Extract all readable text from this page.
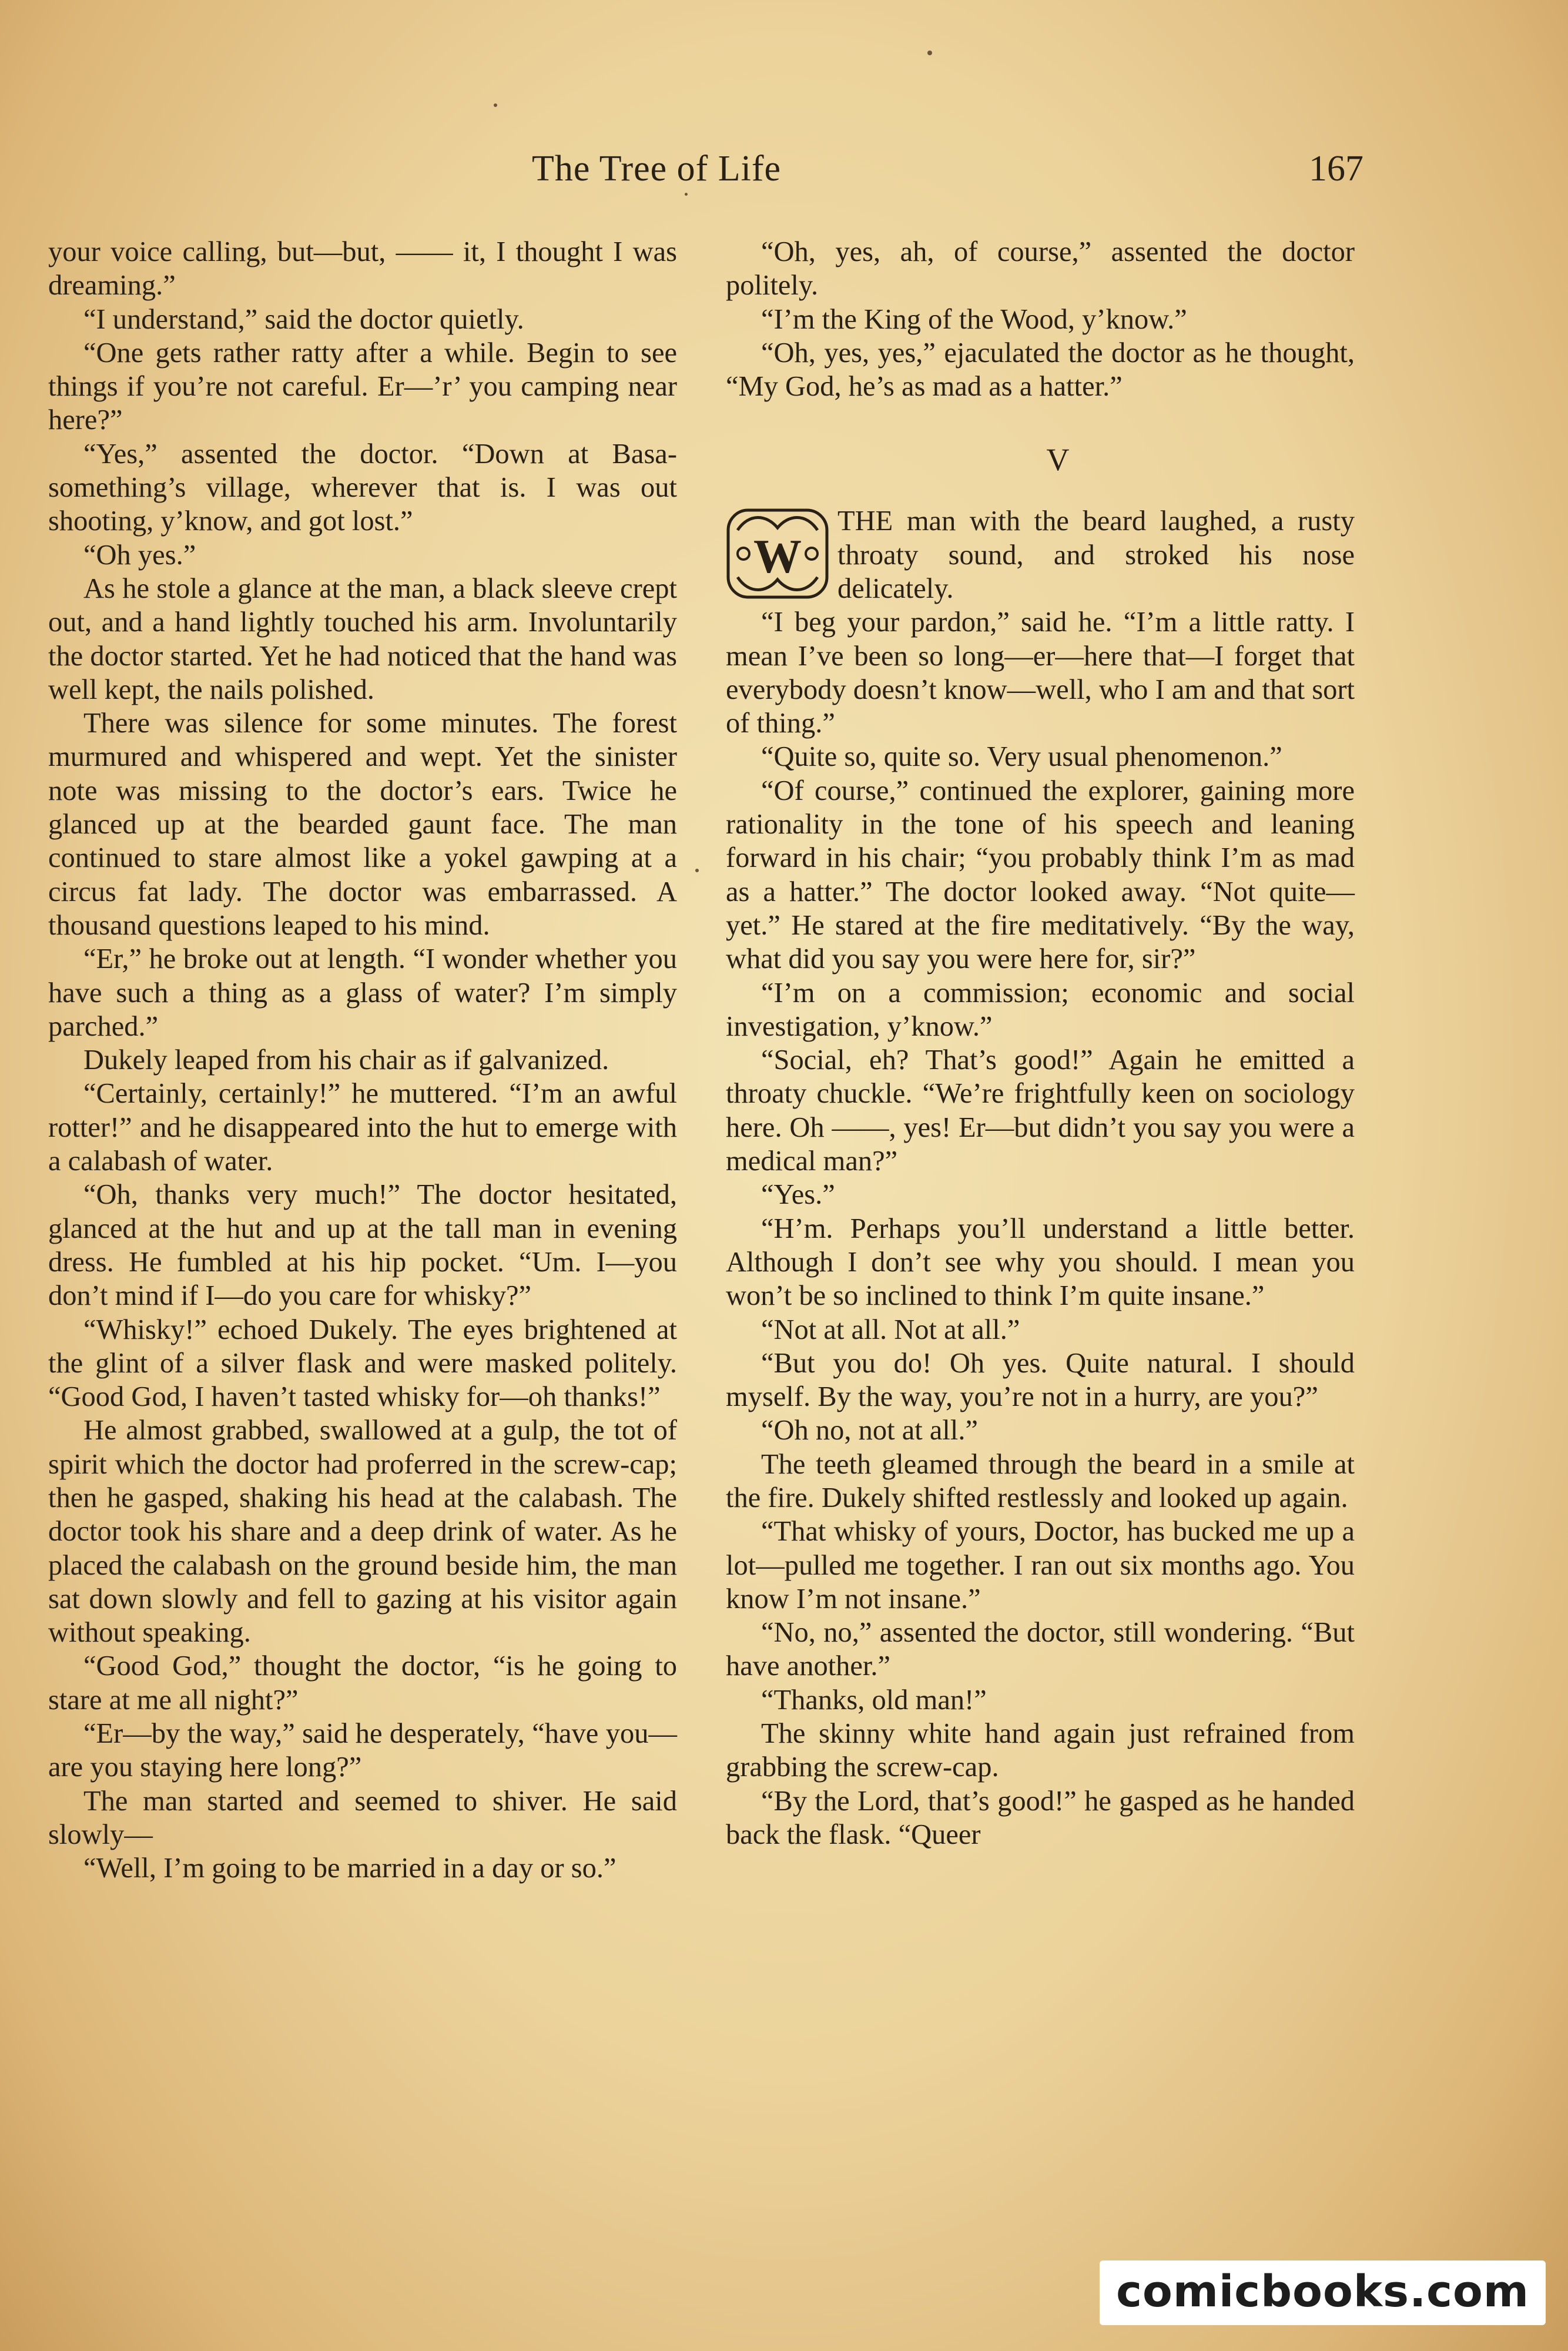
The Tree of Life	167

your voice calling, but—but, —— it, I thought I was dreaming.”

“I understand,” said the doctor quietly.

“One gets rather ratty after a while. Begin to see things if you’re not careful. Er—’r’ you camping near here?”

“Yes,” assented the doctor. “Down at Basa-something’s village, wherever that is. I was out shooting, y’know, and got lost.”

“Oh yes.”

As he stole a glance at the man, a black sleeve crept out, and a hand lightly touched his arm. Involuntarily the doctor started. Yet he had noticed that the hand was well kept, the nails polished.

There was silence for some minutes. The forest murmured and whispered and wept. Yet the sinister note was missing to the doctor’s ears. Twice he glanced up at the bearded gaunt face. The man continued to stare almost like a yokel gawping at a circus fat lady. The doctor was embarrassed. A thousand questions leaped to his mind.

“Er,” he broke out at length. “I wonder whether you have such a thing as a glass of water? I’m simply parched.”

Dukely leaped from his chair as if galvanized.

“Certainly, certainly!” he muttered. “I’m an awful rotter!” and he disappeared into the hut to emerge with a calabash of water.

“Oh, thanks very much!” The doctor hesitated, glanced at the hut and up at the tall man in evening dress. He fumbled at his hip pocket. “Um. I—you don’t mind if I—do you care for whisky?”

“Whisky!” echoed Dukely. The eyes brightened at the glint of a silver flask and were masked politely. “Good God, I haven’t tasted whisky for—oh thanks!”

He almost grabbed, swallowed at a gulp, the tot of spirit which the doctor had proferred in the screw-cap; then he gasped, shaking his head at the calabash. The doctor took his share and a deep drink of water. As he placed the calabash on the ground beside him, the man sat down slowly and fell to gazing at his visitor again without speaking.

“Good God,” thought the doctor, “is he going to stare at me all night?”

“Er—by the way,” said he desperately, “have you—are you staying here long?”

The man started and seemed to shiver. He said slowly—

“Well, I’m going to be married in a day or so.”

“Oh, yes, ah, of course,” assented the doctor politely.

“I’m the King of the Wood, y’know.”

“Oh, yes, yes,” ejaculated the doctor as he thought, “My God, he’s as mad as a hatter.”

V

W
THE man with the beard laughed, a rusty throaty sound, and stroked his nose delicately.

“I beg your pardon,” said he. “I’m a little ratty. I mean I’ve been so long—er—here that—I forget that everybody doesn’t know—well, who I am and that sort of thing.”

“Quite so, quite so. Very usual phenomenon.”

“Of course,” continued the explorer, gaining more rationality in the tone of his speech and leaning forward in his chair; “you probably think I’m as mad as a hatter.” The doctor looked away. “Not quite—yet.” He stared at the fire meditatively. “By the way, what did you say you were here for, sir?”

“I’m on a commission; economic and social investigation, y’know.”

“Social, eh? That’s good!” Again he emitted a throaty chuckle. “We’re frightfully keen on sociology here. Oh ——, yes! Er—but didn’t you say you were a medical man?”

“Yes.”

“H’m. Perhaps you’ll understand a little better. Although I don’t see why you should. I mean you won’t be so inclined to think I’m quite insane.”

“Not at all. Not at all.”

“But you do! Oh yes. Quite natural. I should myself. By the way, you’re not in a hurry, are you?”

“Oh no, not at all.”

The teeth gleamed through the beard in a smile at the fire. Dukely shifted restlessly and looked up again.

“That whisky of yours, Doctor, has bucked me up a lot—pulled me together. I ran out six months ago. You know I’m not insane.”

“No, no,” assented the doctor, still wondering. “But have another.”

“Thanks, old man!”

The skinny white hand again just refrained from grabbing the screw-cap.

“By the Lord, that’s good!” he gasped as he handed back the flask. “Queer

comicbooks.com
